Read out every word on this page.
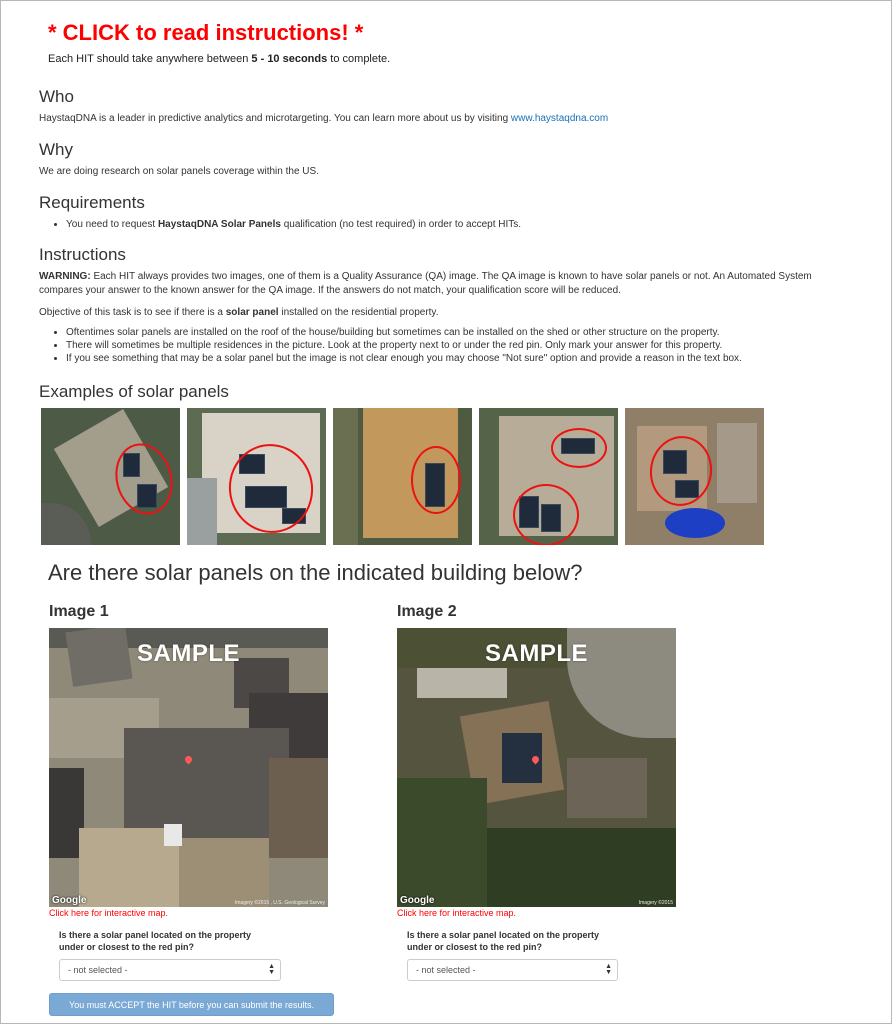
* CLICK to read instructions! *

Each HIT should take anywhere between 5 - 10 seconds to complete.

Who

HaystaqDNA is a leader in predictive analytics and microtargeting. You can learn more about us by visiting www.haystaqdna.com

Why

We are doing research on solar panels coverage within the US.

Requirements
• You need to request HaystaqDNA Solar Panels qualification (no test required) in order to accept HITs.
Instructions

WARNING: Each HIT always provides two images, one of them is a Quality Assurance (QA) image. The QA image is known to have solar panels or not. An Automated System compares your answer to the known answer for the QA image. If the answers do not match, your qualification score will be reduced.

Objective of this task is to see if there is a solar panel installed on the residential property.

• Oftentimes solar panels are installed on the roof of the house/building but sometimes can be installed on the shed or other structure on the property.
• There will sometimes be multiple residences in the picture. Look at the property next to or under the red pin. Only mark your answer for this property.
• If you see something that may be a solar panel but the image is not clear enough you may choose "Not sure" option and provide a reason in the text box.
Examples of solar panels
Are there solar panels on the indicated building below?
Image 1
SAMPLE
Google	Imagery ©2015 , U.S. Geological Survey
Click here for interactive map.
Is there a solar panel located on the property
under or closest to the red pin?
- not selected -	▲
▼
Image 2
SAMPLE
Google	Imagery ©2015
Click here for interactive map.
Is there a solar panel located on the property
under or closest to the red pin?
- not selected -	▲
▼
You must ACCEPT the HIT before you can submit the results.
